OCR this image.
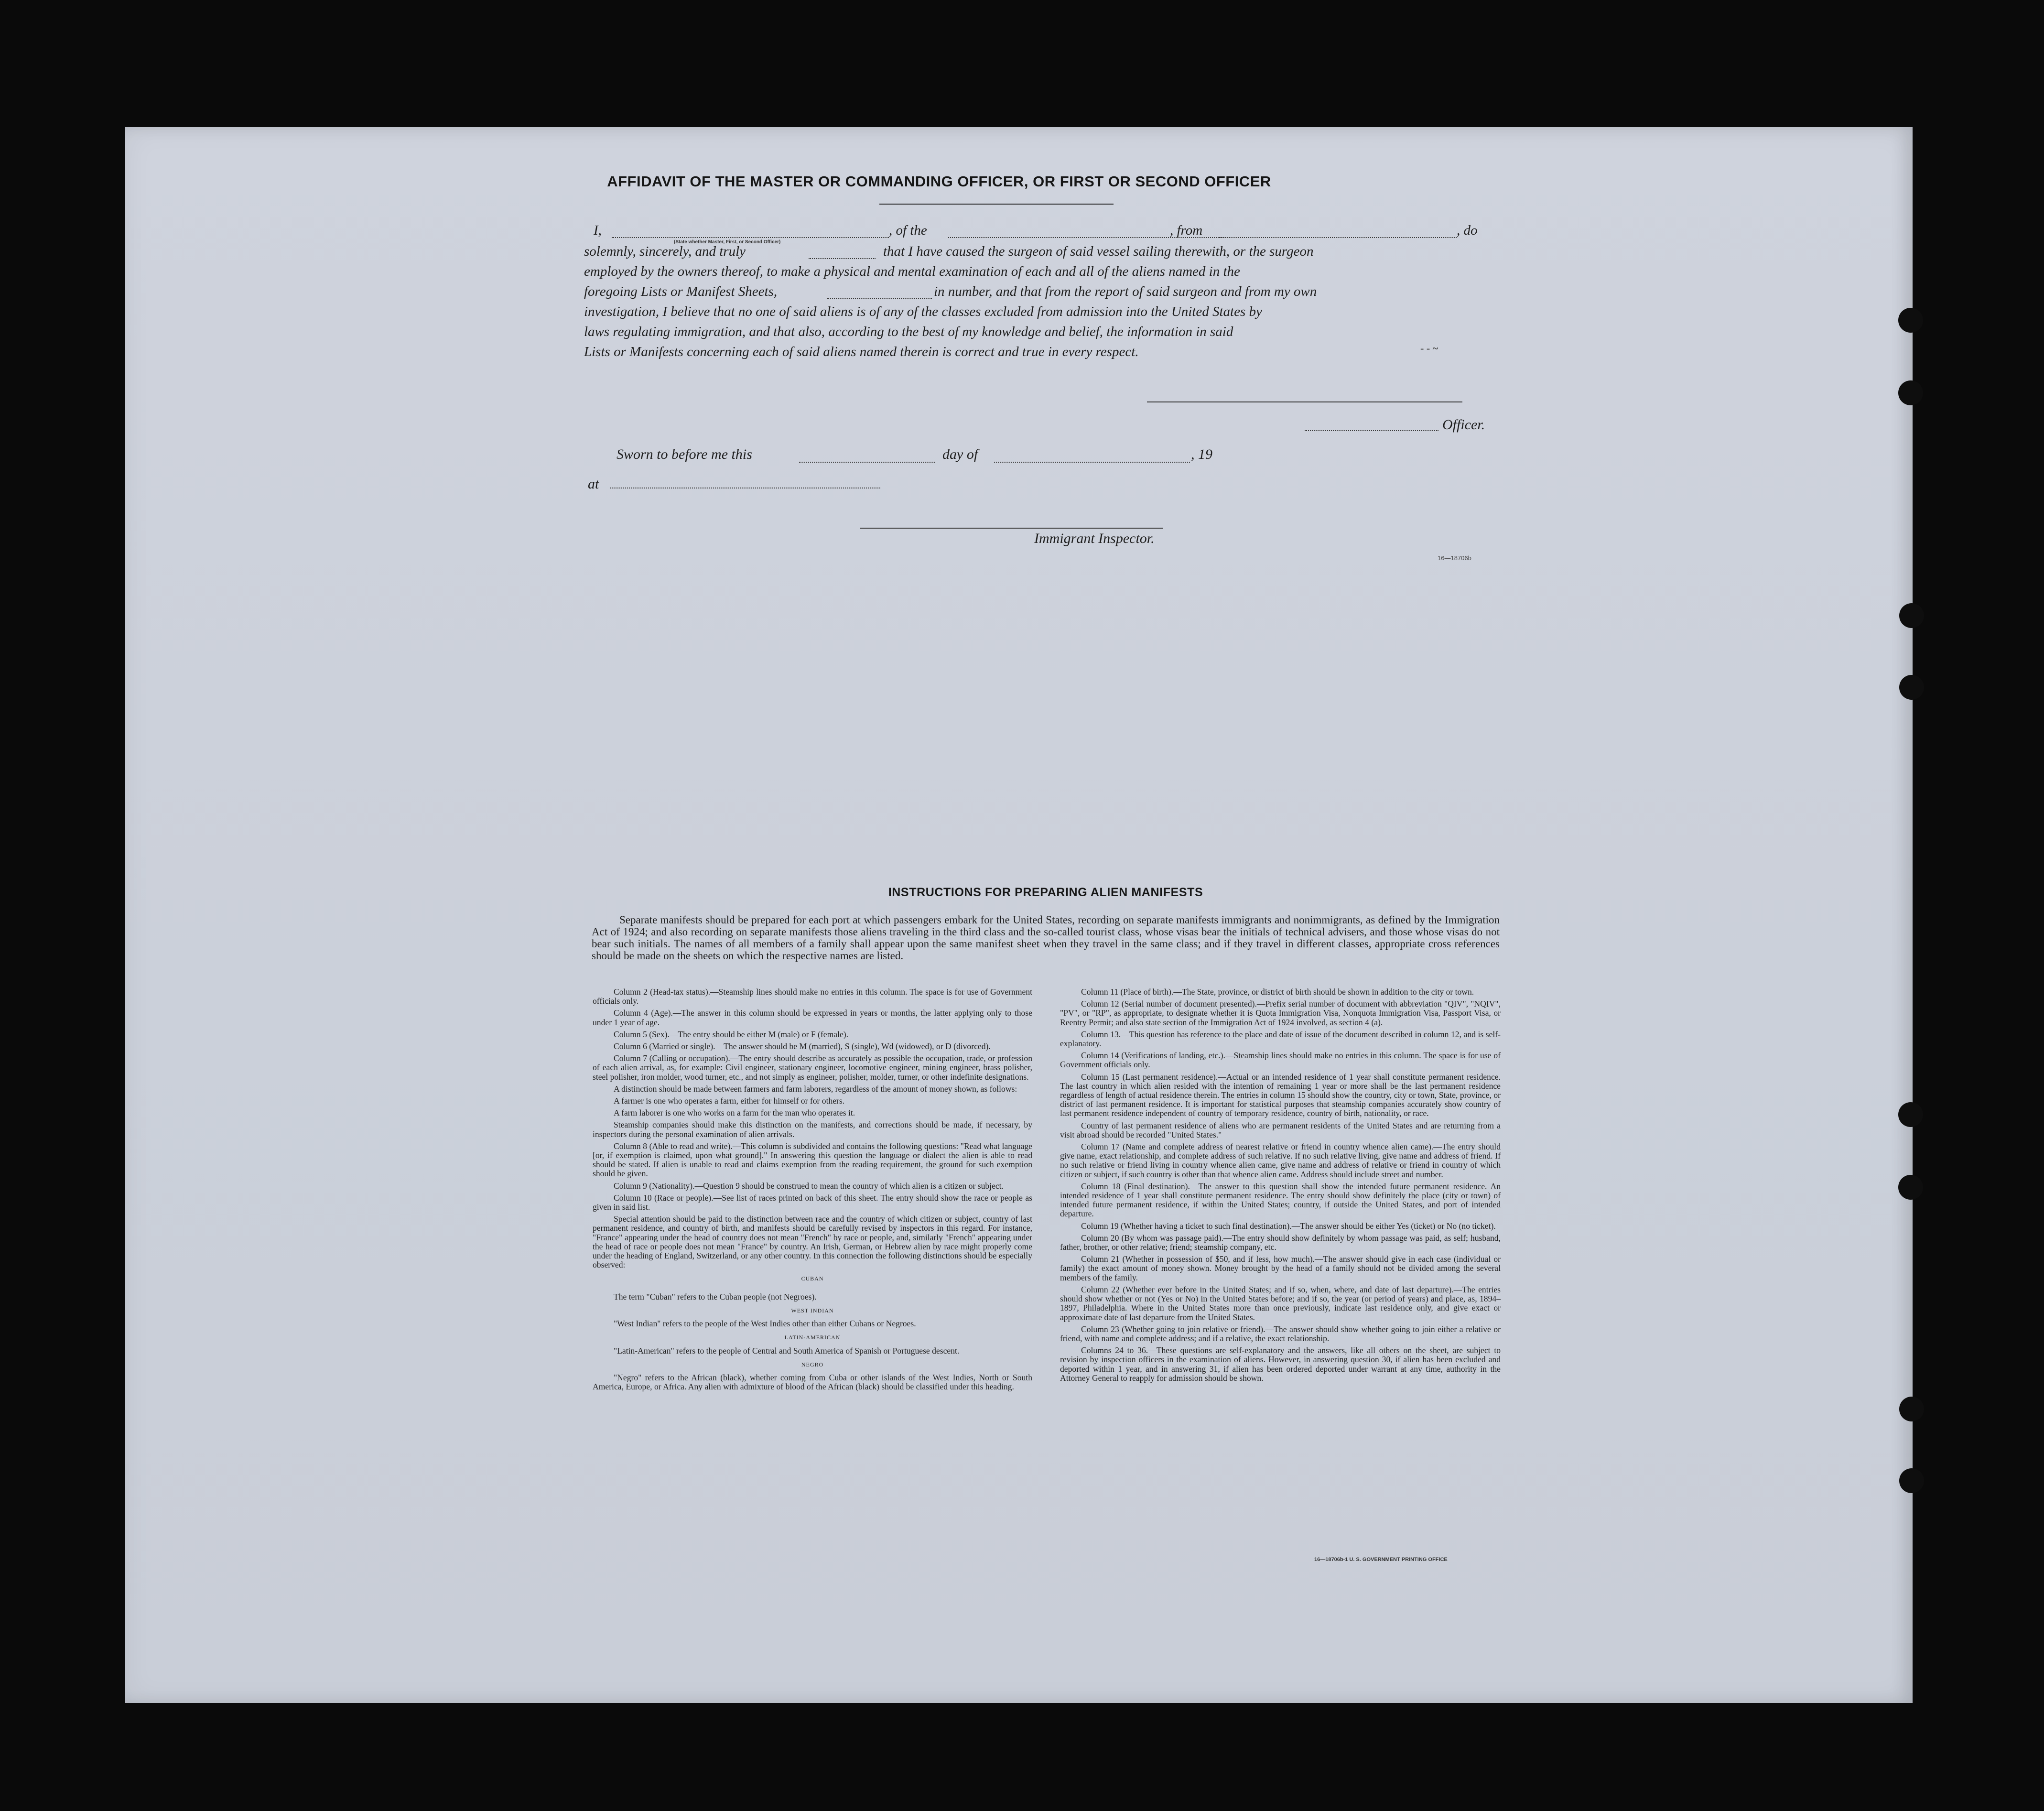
AFFIDAVIT OF THE MASTER OR COMMANDING OFFICER, OR FIRST OR SECOND OFFICER
I,	, of the	, from	, do
(State whether Master, First, or Second Officer)
solemnly, sincerely, and truly	that I have caused the surgeon of said vessel sailing therewith, or the surgeon
employed by the owners thereof, to make a physical and mental examination of each and all of the aliens named in the
foregoing Lists or Manifest Sheets,	in number, and that from the report of said surgeon and from my own
investigation, I believe that no one of said aliens is of any of the classes excluded from admission into the United States by
laws regulating immigration, and that also, according to the best of my knowledge and belief, the information in said
Lists or Manifests concerning each of said aliens named therein is correct and true in every respect.	- - ~
Officer.
Sworn to before me this	day of	, 19
at
Immigrant Inspector.
16—18706b
INSTRUCTIONS FOR PREPARING ALIEN MANIFESTS
Separate manifests should be prepared for each port at which passengers embark for the United States, recording on separate manifests immigrants and nonimmigrants, as defined by the Immigration Act of 1924; and also recording on separate manifests those aliens traveling in the third class and the so-called tourist class, whose visas bear the initials of technical advisers, and those whose visas do not bear such initials. The names of all members of a family shall appear upon the same manifest sheet when they travel in the same class; and if they travel in different classes, appropriate cross references should be made on the sheets on which the respective names are listed.

Column 2 (Head-tax status).—Steamship lines should make no entries in this column. The space is for use of Government officials only.

Column 4 (Age).—The answer in this column should be expressed in years or months, the latter applying only to those under 1 year of age.

Column 5 (Sex).—The entry should be either M (male) or F (female).

Column 6 (Married or single).—The answer should be M (married), S (single), Wd (widowed), or D (divorced).

Column 7 (Calling or occupation).—The entry should describe as accurately as possible the occupation, trade, or profession of each alien arrival, as, for example: Civil engineer, stationary engineer, locomotive engineer, mining engineer, brass polisher, steel polisher, iron molder, wood turner, etc., and not simply as engineer, polisher, molder, turner, or other indefinite designations.

A distinction should be made between farmers and farm laborers, regardless of the amount of money shown, as follows:

A farmer is one who operates a farm, either for himself or for others.

A farm laborer is one who works on a farm for the man who operates it.

Steamship companies should make this distinction on the manifests, and corrections should be made, if necessary, by inspectors during the personal examination of alien arrivals.

Column 8 (Able to read and write).—This column is subdivided and contains the following questions: "Read what language [or, if exemption is claimed, upon what ground]." In answering this question the language or dialect the alien is able to read should be stated. If alien is unable to read and claims exemption from the reading requirement, the ground for such exemption should be given.

Column 9 (Nationality).—Question 9 should be construed to mean the country of which alien is a citizen or subject.

Column 10 (Race or people).—See list of races printed on back of this sheet. The entry should show the race or people as given in said list.

Special attention should be paid to the distinction between race and the country of which citizen or subject, country of last permanent residence, and country of birth, and manifests should be carefully revised by inspectors in this regard. For instance, "France" appearing under the head of country does not mean "French" by race or people, and, similarly "French" appearing under the head of race or people does not mean "France" by country. An Irish, German, or Hebrew alien by race might properly come under the heading of England, Switzerland, or any other country. In this connection the following distinctions should be especially observed:

CUBAN

The term "Cuban" refers to the Cuban people (not Negroes).

WEST INDIAN

"West Indian" refers to the people of the West Indies other than either Cubans or Negroes.

LATIN-AMERICAN

"Latin-American" refers to the people of Central and South America of Spanish or Portuguese descent.

NEGRO

"Negro" refers to the African (black), whether coming from Cuba or other islands of the West Indies, North or South America, Europe, or Africa. Any alien with admixture of blood of the African (black) should be classified under this heading.

Column 11 (Place of birth).—The State, province, or district of birth should be shown in addition to the city or town.

Column 12 (Serial number of document presented).—Prefix serial number of document with abbreviation "QIV", "NQIV", "PV", or "RP", as appropriate, to designate whether it is Quota Immigration Visa, Nonquota Immigration Visa, Passport Visa, or Reentry Permit; and also state section of the Immigration Act of 1924 involved, as section 4 (a).

Column 13.—This question has reference to the place and date of issue of the document described in column 12, and is self-explanatory.

Column 14 (Verifications of landing, etc.).—Steamship lines should make no entries in this column. The space is for use of Government officials only.

Column 15 (Last permanent residence).—Actual or an intended residence of 1 year shall constitute permanent residence. The last country in which alien resided with the intention of remaining 1 year or more shall be the last permanent residence regardless of length of actual residence therein. The entries in column 15 should show the country, city or town, State, province, or district of last permanent residence. It is important for statistical purposes that steamship companies accurately show country of last permanent residence independent of country of temporary residence, country of birth, nationality, or race.

Country of last permanent residence of aliens who are permanent residents of the United States and are returning from a visit abroad should be recorded "United States."

Column 17 (Name and complete address of nearest relative or friend in country whence alien came).—The entry should give name, exact relationship, and complete address of such relative. If no such relative living, give name and address of friend. If no such relative or friend living in country whence alien came, give name and address of relative or friend in country of which citizen or subject, if such country is other than that whence alien came. Address should include street and number.

Column 18 (Final destination).—The answer to this question shall show the intended future permanent residence. An intended residence of 1 year shall constitute permanent residence. The entry should show definitely the place (city or town) of intended future permanent residence, if within the United States; country, if outside the United States, and port of intended departure.

Column 19 (Whether having a ticket to such final destination).—The answer should be either Yes (ticket) or No (no ticket).

Column 20 (By whom was passage paid).—The entry should show definitely by whom passage was paid, as self; husband, father, brother, or other relative; friend; steamship company, etc.

Column 21 (Whether in possession of $50, and if less, how much).—The answer should give in each case (individual or family) the exact amount of money shown. Money brought by the head of a family should not be divided among the several members of the family.

Column 22 (Whether ever before in the United States; and if so, when, where, and date of last departure).—The entries should show whether or not (Yes or No) in the United States before; and if so, the year (or period of years) and place, as, 1894–1897, Philadelphia. Where in the United States more than once previously, indicate last residence only, and give exact or approximate date of last departure from the United States.

Column 23 (Whether going to join relative or friend).—The answer should show whether going to join either a relative or friend, with name and complete address; and if a relative, the exact relationship.

Columns 24 to 36.—These questions are self-explanatory and the answers, like all others on the sheet, are subject to revision by inspection officers in the examination of aliens. However, in answering question 30, if alien has been excluded and deported within 1 year, and in answering 31, if alien has been ordered deported under warrant at any time, authority in the Attorney General to reapply for admission should be shown.

16—18706b-1 U. S. GOVERNMENT PRINTING OFFICE
